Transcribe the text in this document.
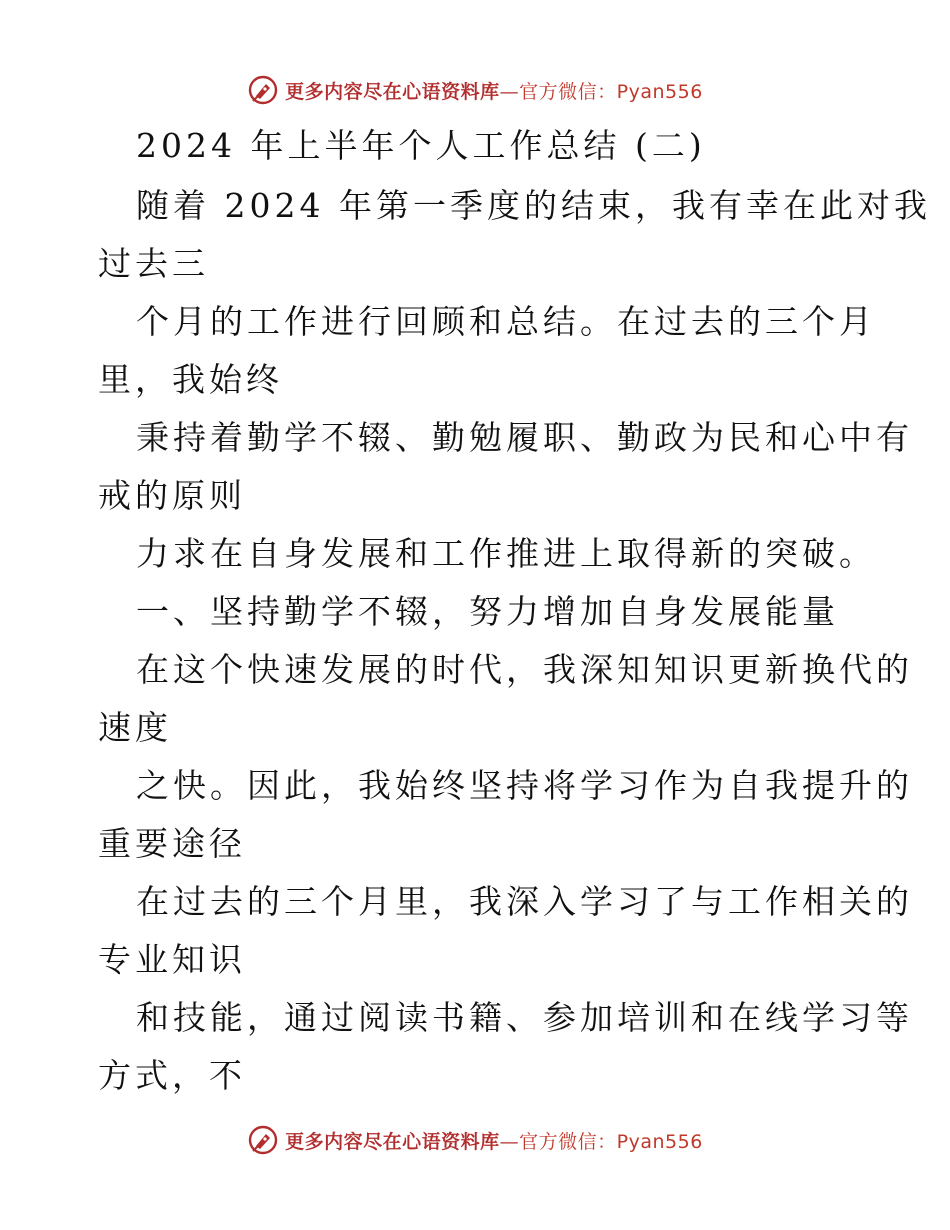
更多内容尽在心语资料库—官方微信：Pyan556
2024 年上半年个人工作总结 (二)
随着 2024 年第一季度的结束，我有幸在此对我
过去三
个月的工作进行回顾和总结。在过去的三个月
里，我始终
秉持着勤学不辍、勤勉履职、勤政为民和心中有
戒的原则
力求在自身发展和工作推进上取得新的突破。
一、坚持勤学不辍，努力增加自身发展能量
在这个快速发展的时代，我深知知识更新换代的
速度
之快。因此，我始终坚持将学习作为自我提升的
重要途径
在过去的三个月里，我深入学习了与工作相关的
专业知识
和技能，通过阅读书籍、参加培训和在线学习等
方式，不
更多内容尽在心语资料库—官方微信：Pyan556
